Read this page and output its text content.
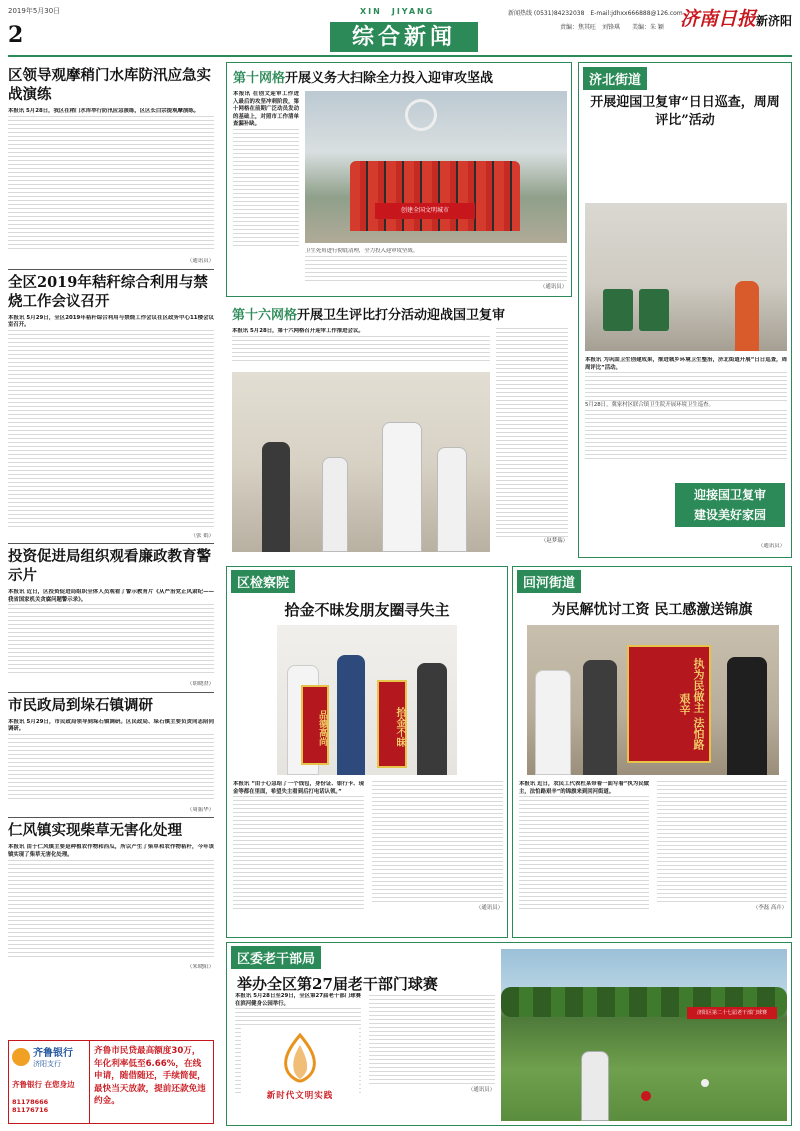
2019年5月30日
2
XIN　JIYANG
综合新闻
新闻热线 (0531)84232038　E-mail:jdhxx666888@126.com
责编：焦其旺　刘锋琪　　美编：朱 颖 济南日报新济阳
区领导观摩稍门水库防汛应急实战演练
本报讯 5月28日，我区在稍门水库举行防汛应急演练，区区长白宗提观摩演练。
（通讯员）
全区2019年秸秆综合利用与禁烧工作会议召开
本报讯 5月29日，全区2019年秸秆综合利用与禁烧工作会议在区政务中心11楼会议室召开。
（张 娟）
投资促进局组织观看廉政教育警示片
本报讯 近日，区投资促进局组织全体人员观看了警示教育片《从严治党正风肃纪——我省国家机关贪腐问题警示录》。
（胡晓澄）
市民政局到垛石镇调研
本报讯 5月29日，市民政局领导到垛石镇调研。区民政局、垛石镇主要负责同志陪同调研。
（周振华）
仁风镇实现柴草无害化处理
本报讯 由于仁风镇主要是种植农作物和西瓜，所以产生了柴草和农作物秸秆，今年该镇实现了柴草无害化处理。
（朱晓阳）
齐鲁银行
济阳支行
齐鲁银行 在您身边
81178666 81176716
齐鲁市民贷最高额度30万，年化利率低至6.66%，在线申请，随借随还，手续简便，最快当天放款，提前还款免违约金。
第十网格开展义务大扫除全力投入迎审攻坚战
本报讯 在创文迎审工作进入最后的攻坚冲刺阶段，第十网格在前期广泛动员发动的基础上，对照市工作清单查漏补缺。
创建全国文明城市
卫生死角进行彻底清理，全力投入迎审攻坚战。
（通讯员）
第十六网格开展卫生评比打分活动迎战国卫复审
本报讯 5月28日，第十六网格召开迎审工作推进会议。
（赵梦瑞）
济北街道
开展迎国卫复审“日日巡查，周周评比”活动
本报讯 为巩固卫生创建成果，推进城乡环境卫生整治，济北街道开展“日日巡查，周周评比”活动。
5月28日，冀家村区联合镇卫生院开展环境卫生巡查。
迎接国卫复审
建设美好家园
（通讯员）
区检察院
拾金不昧发朋友圈寻失主
品德高尚	拾金不昧
本报讯 “由于心急给了一个钱包，身份证、银行卡、现金等都在里面，希望失主看到后打电话认领。”
（通讯员）
回河街道
为民解忧讨工资 民工感激送锦旗
执为民做主 法怕路艰辛
本报讯 近日，农民工代表杜某带着一面写着“执为民做主，法怕路艰辛”的锦旗来到回河街道。
（李磊 高卉）
区委老干部局
举办全区第27届老干部门球赛
本报讯 5月28日至29日，全区第27届老干部门球赛在滨河健身公园举行。
（通讯员）
新时代文明实践
济阳区第二十七届老干部门球赛
